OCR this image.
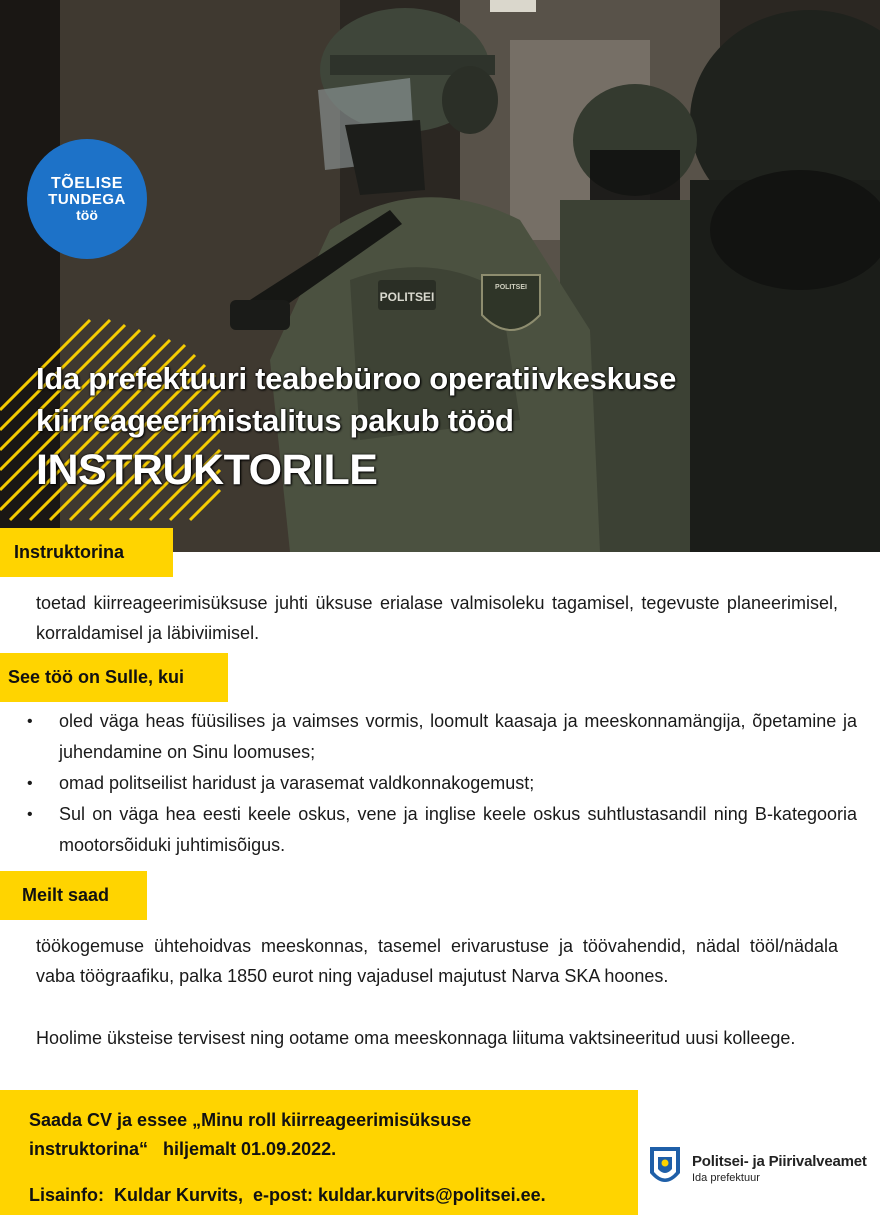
POLITSEI
POLITSEI
TÕELISE
TUNDEGA
töö
Ida prefektuuri teabebüroo operatiivkeskuse
kiirreageerimistalitus pakub tööd
INSTRUKTORILE
Instruktorina
toetad kiirreageerimisüksuse juhti üksuse erialase valmisoleku tagamisel, tegevuste planeerimisel, korraldamisel ja läbiviimisel.
See töö on Sulle, kui
•	oled väga heas füüsilises ja vaimses vormis, loomult kaasaja ja meeskonnamängija, õpetamine ja juhendamine on Sinu loomuses;
•	omad politseilist haridust ja varasemat valdkonnakogemust;
•	Sul on väga hea eesti keele oskus, vene ja inglise keele oskus suhtlustasandil ning B-kategooria mootorsõiduki juhtimisõigus.
Meilt saad
töökogemuse ühtehoidvas meeskonnas, tasemel erivarustuse ja töövahendid, nädal tööl/nädala vaba töögraafiku, palka 1850 eurot ning vajadusel majutust Narva SKA hoones.
Hoolime üksteise tervisest ning ootame oma meeskonnaga liituma vaktsineeritud uusi kolleege.
Saada CV ja essee „Minu roll kiirreageerimisüksuse
instruktorina“   hiljemalt 01.09.2022.
Lisainfo:  Kuldar Kurvits,  e-post: kuldar.kurvits@politsei.ee.
Politsei- ja Piirivalveamet
Ida prefektuur
